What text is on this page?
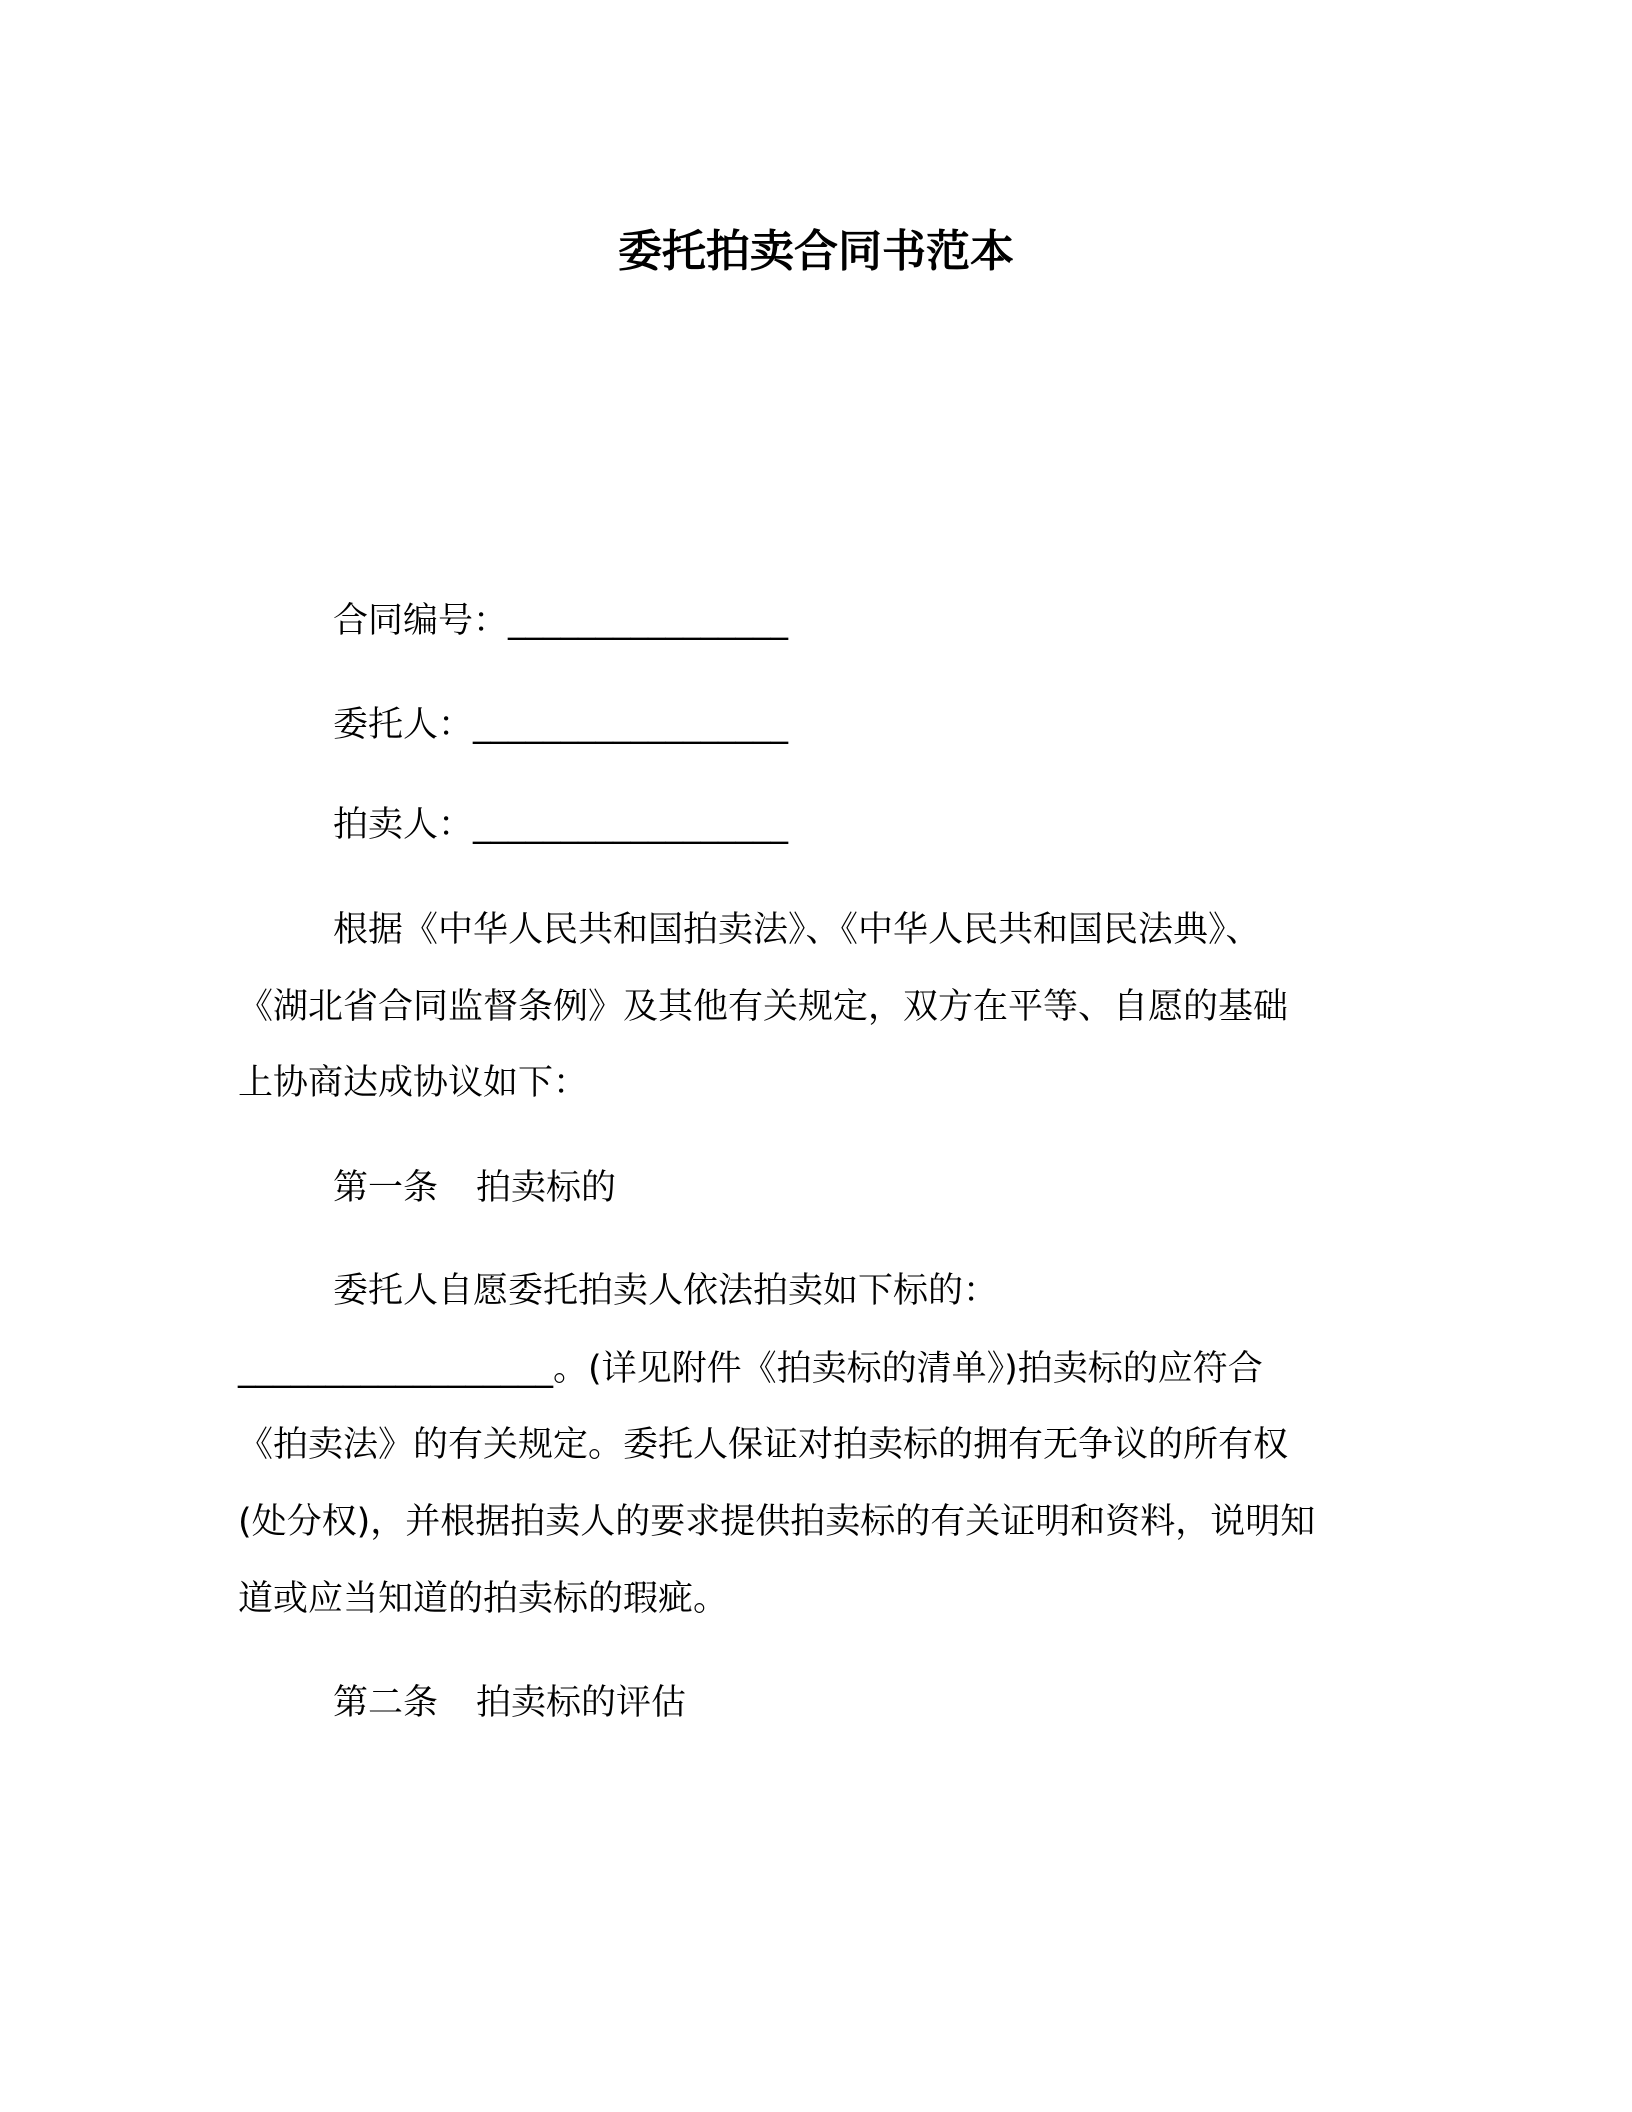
委托拍卖合同书范本
合同编号：________________
委托人：__________________
拍卖人：__________________
根据《中华人民共和国拍卖法》、《中华人民共和国民法典》、
《湖北省合同监督条例》及其他有关规定，双方在平等、自愿的基础
上协商达成协议如下：
第一条 拍卖标的
委托人自愿委托拍卖人依法拍卖如下标的：
__________________。(详见附件《拍卖标的清单》)拍卖标的应符合
《拍卖法》的有关规定。委托人保证对拍卖标的拥有无争议的所有权
(处分权)，并根据拍卖人的要求提供拍卖标的有关证明和资料，说明知
道或应当知道的拍卖标的瑕疵。
第二条 拍卖标的评估
